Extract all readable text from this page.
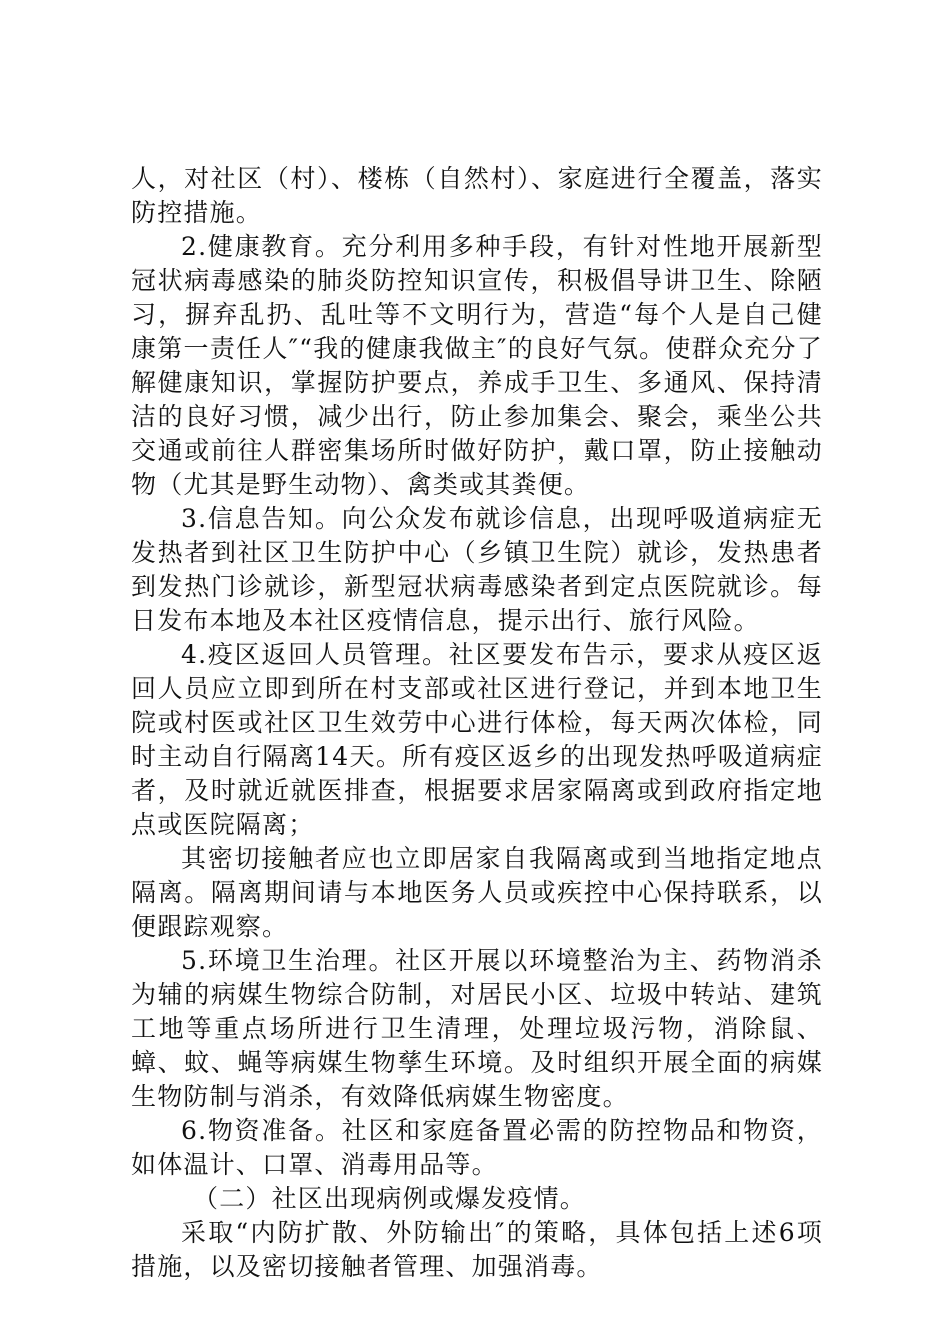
人，对社区（村）、楼栋（自然村）、家庭进行全覆盖，落实防控措施。

2.健康教育。充分利用多种手段，有针对性地开展新型冠状病毒感染的肺炎防控知识宣传，积极倡导讲卫生、除陋习，摒弃乱扔、乱吐等不文明行为，营造“每个人是自己健康第一责任人″“我的健康我做主″的良好气氛。使群众充分了解健康知识，掌握防护要点，养成手卫生、多通风、保持清洁的良好习惯，减少出行，防止参加集会、聚会，乘坐公共交通或前往人群密集场所时做好防护，戴口罩，防止接触动物（尤其是野生动物）、禽类或其粪便。

3.信息告知。向公众发布就诊信息，出现呼吸道病症无发热者到社区卫生防护中心（乡镇卫生院）就诊，发热患者到发热门诊就诊，新型冠状病毒感染者到定点医院就诊。每日发布本地及本社区疫情信息，提示出行、旅行风险。

4.疫区返回人员管理。社区要发布告示，要求从疫区返回人员应立即到所在村支部或社区进行登记，并到本地卫生院或村医或社区卫生效劳中心进行体检，每天两次体检，同时主动自行隔离14天。所有疫区返乡的出现发热呼吸道病症者，及时就近就医排查，根据要求居家隔离或到政府指定地点或医院隔离；

其密切接触者应也立即居家自我隔离或到当地指定地点隔离。隔离期间请与本地医务人员或疾控中心保持联系，以便跟踪观察。

5.环境卫生治理。社区开展以环境整治为主、药物消杀为辅的病媒生物综合防制，对居民小区、垃圾中转站、建筑工地等重点场所进行卫生清理，处理垃圾污物，消除鼠、蟑、蚊、蝇等病媒生物孳生环境。及时组织开展全面的病媒生物防制与消杀，有效降低病媒生物密度。

6.物资准备。社区和家庭备置必需的防控物品和物资，如体温计、口罩、消毒用品等。

（二）社区出现病例或爆发疫情。

采取“内防扩散、外防输出″的策略，具体包括上述6项措施，以及密切接触者管理、加强消毒。
